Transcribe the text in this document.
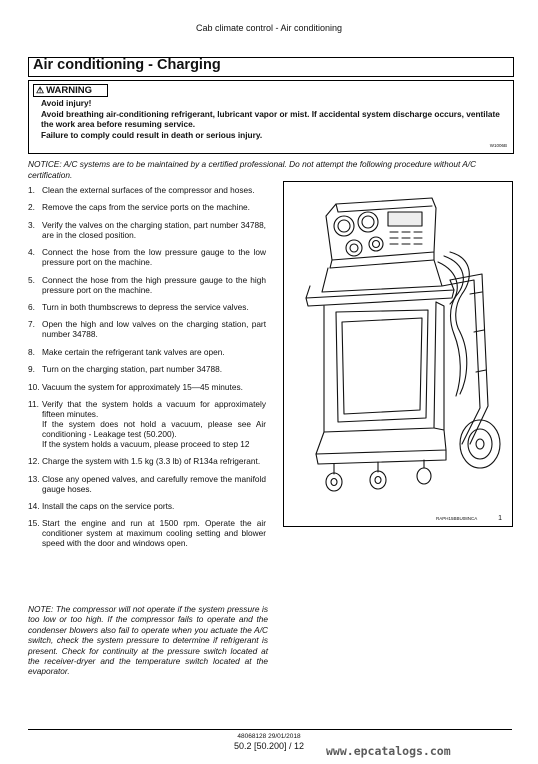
Cab climate control - Air conditioning
Air conditioning - Charging
⚠ WARNING
Avoid injury!
Avoid breathing air-conditioning refrigerant, lubricant vapor or mist. If accidental system discharge occurs, ventilate the work area before resuming service.
Failure to comply could result in death or serious injury.
W1006B
NOTICE: A/C systems are to be maintained by a certified professional. Do not attempt the following procedure without A/C certification.
1. Clean the external surfaces of the compressor and hoses.
2. Remove the caps from the service ports on the machine.
3. Verify the valves on the charging station, part number 34788, are in the closed position.
4. Connect the hose from the low pressure gauge to the low pressure port on the machine.
5. Connect the hose from the high pressure gauge to the high pressure port on the machine.
6. Turn in both thumbscrews to depress the service valves.
7. Open the high and low valves on the charging station, part number 34788.
8. Make certain the refrigerant tank valves are open.
9. Turn on the charging station, part number 34788.
10. Vacuum the system for approximately 15—45 minutes.
11. Verify that the system holds a vacuum for approximately fifteen minutes.
If the system does not hold a vacuum, please see Air conditioning - Leakage test (50.200).
If the system holds a vacuum, please proceed to step 12
12. Charge the system with 1.5 kg (3.3 lb) of R134a refrigerant.
13. Close any opened valves, and carefully remove the manifold gauge hoses.
14. Install the caps on the service ports.
15. Start the engine and run at 1500 rpm. Operate the air conditioner system at maximum cooling setting and blower speed with the door and windows open.
NOTE: The compressor will not operate if the system pressure is too low or too high. If the compressor fails to operate and the condenser blowers also fail to operate when you actuate the A/C switch, check the system pressure to determine if refrigerant is present. Check for continuity at the pressure switch located at the receiver-dryer and the temperature switch located at the evaporator.
RAPH15BBU08NCA	1
48068128 29/01/2018
50.2 [50.200] / 12	www.epcatalogs.com
